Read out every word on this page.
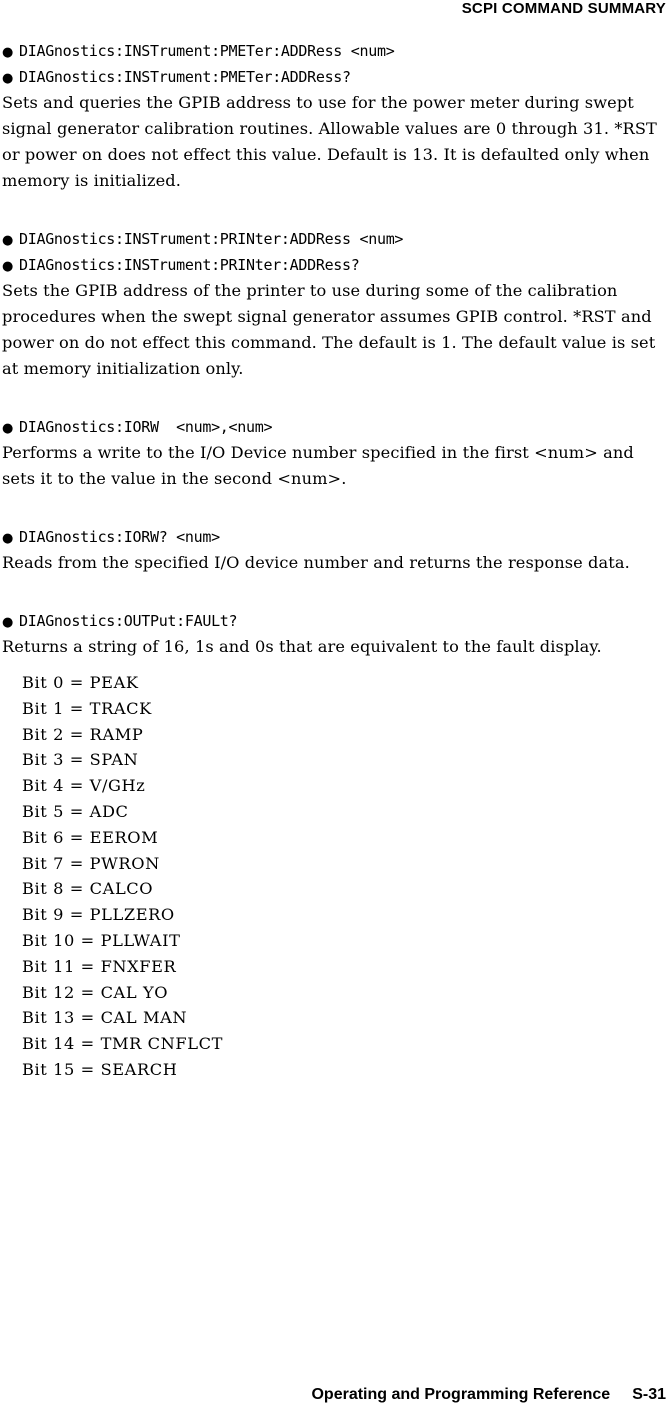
SCPI COMMAND SUMMARY
● DIAGnostics:INSTrument:PMETer:ADDRess <num>
● DIAGnostics:INSTrument:PMETer:ADDRess?

Sets and queries the GPIB address to use for the power meter during swept signal generator calibration routines. Allowable values are 0 through 31. *RST or power on does not effect this value. Default is 13. It is defaulted only when memory is initialized.

● DIAGnostics:INSTrument:PRINter:ADDRess <num>
● DIAGnostics:INSTrument:PRINter:ADDRess?

Sets the GPIB address of the printer to use during some of the calibration procedures when the swept signal generator assumes GPIB control. *RST and power on do not effect this command. The default is 1. The default value is set at memory initialization only.

● DIAGnostics:IORW  <num>,<num>

Performs a write to the I/O Device number specified in the first <num> and sets it to the value in the second <num>.

● DIAGnostics:IORW? <num>

Reads from the specified I/O device number and returns the response data.

● DIAGnostics:OUTPut:FAULt?

Returns a string of 16, 1s and 0s that are equivalent to the fault display.

Bit 0 = PEAK
Bit 1 = TRACK
Bit 2 = RAMP
Bit 3 = SPAN
Bit 4 = V/GHz
Bit 5 = ADC
Bit 6 = EEROM
Bit 7 = PWRON
Bit 8 = CALCO
Bit 9 = PLLZERO
Bit 10 = PLLWAIT
Bit 11 = FNXFER
Bit 12 = CAL YO
Bit 13 = CAL MAN
Bit 14 = TMR CNFLCT
Bit 15 = SEARCH
Operating and Programming Reference S-31
